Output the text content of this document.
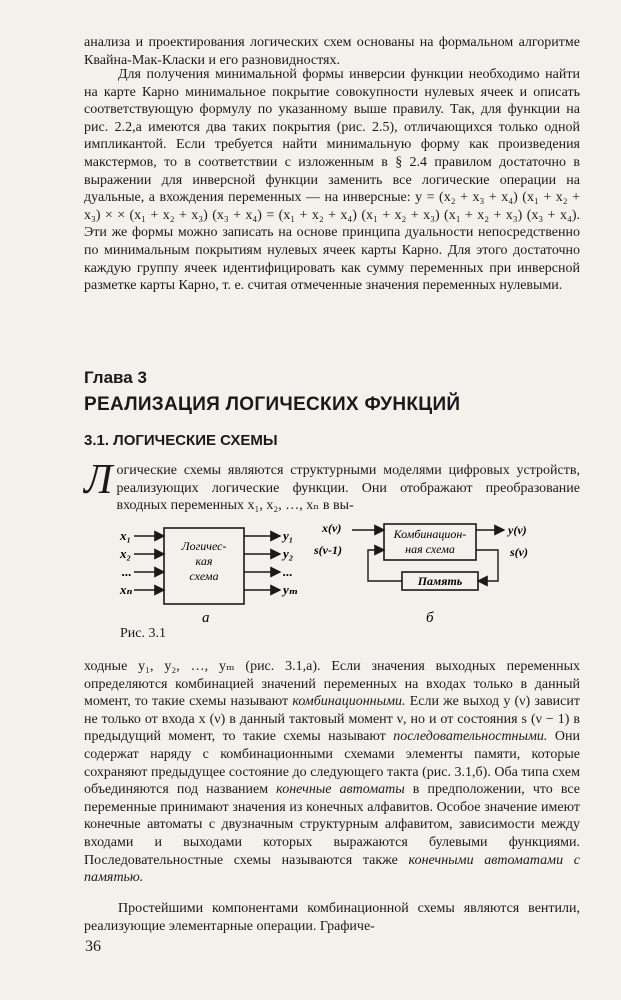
анализа и проектирования логических схем основаны на формальном алгоритме Квайна-Мак-Класки и его разновидностях.

Для получения минимальной формы инверсии функции необходимо найти на карте Карно минимальное покрытие совокупности нулевых ячеек и описать соответствующую формулу по указанному выше правилу. Так, для функции на рис. 2.2,a имеются два таких покрытия (рис. 2.5), отличающихся только одной импликантой. Если требуется найти минимальную форму как произведения макстермов, то в соответствии с изложенным в § 2.4 правилом достаточно в выражении для инверсной функции заменить все логические операции на дуальные, а вхождения переменных — на инверсные: y = (x₂ + x₃ + x₄) (x₁ + x₂ + x₃) × × (x₁ + x₂ + x₃) (x₃ + x₄) = (x₁ + x₂ + x₄) (x₁ + x₂ + x₃) (x₁ + x₂ + x₃) (x₃ + x₄). Эти же формы можно записать на основе принципа дуальности непосредственно по минимальным покрытиям нулевых ячеек карты Карно. Для этого достаточно каждую группу ячеек идентифицировать как сумму переменных при инверсной разметке карты Карно, т. е. считая отмеченные значения переменных нулевыми.

Глава 3
РЕАЛИЗАЦИЯ ЛОГИЧЕСКИХ ФУНКЦИЙ
3.1. ЛОГИЧЕСКИЕ СХЕМЫ

Логические схемы являются структурными моделями цифровых устройств, реализующих логические функции. Они отображают преобразование входных переменных x₁, x₂, …, xₙ в вы-

Логичес-
кая
схема
x₁
x₂
...
xₙ
y₁
y₂
...
yₘ
а
Комбинацион-
ная схема
Память
x(ν)
s(ν-1)
y(ν)
s(ν)
б

Рис. 3.1

ходные y₁, y₂, …, yₘ (рис. 3.1,a). Если значения выходных переменных определяются комбинацией значений переменных на входах только в данный момент, то такие схемы называют комбинационными. Если же выход y (ν) зависит не только от входа x (ν) в данный тактовый момент ν, но и от состояния s (ν − 1) в предыдущий момент, то такие схемы называют последовательностными. Они содержат наряду с комбинационными схемами элементы памяти, которые сохраняют предыдущее состояние до следующего такта (рис. 3.1,б). Оба типа схем объединяются под названием конечные автоматы в предположении, что все переменные принимают значения из конечных алфавитов. Особое значение имеют конечные автоматы с двузначным структурным алфавитом, зависимости между входами и выходами которых выражаются булевыми функциями. Последовательностные схемы называются также конечными автоматами с памятью.

Простейшими компонентами комбинационной схемы являются вентили, реализующие элементарные операции. Графиче-

36
